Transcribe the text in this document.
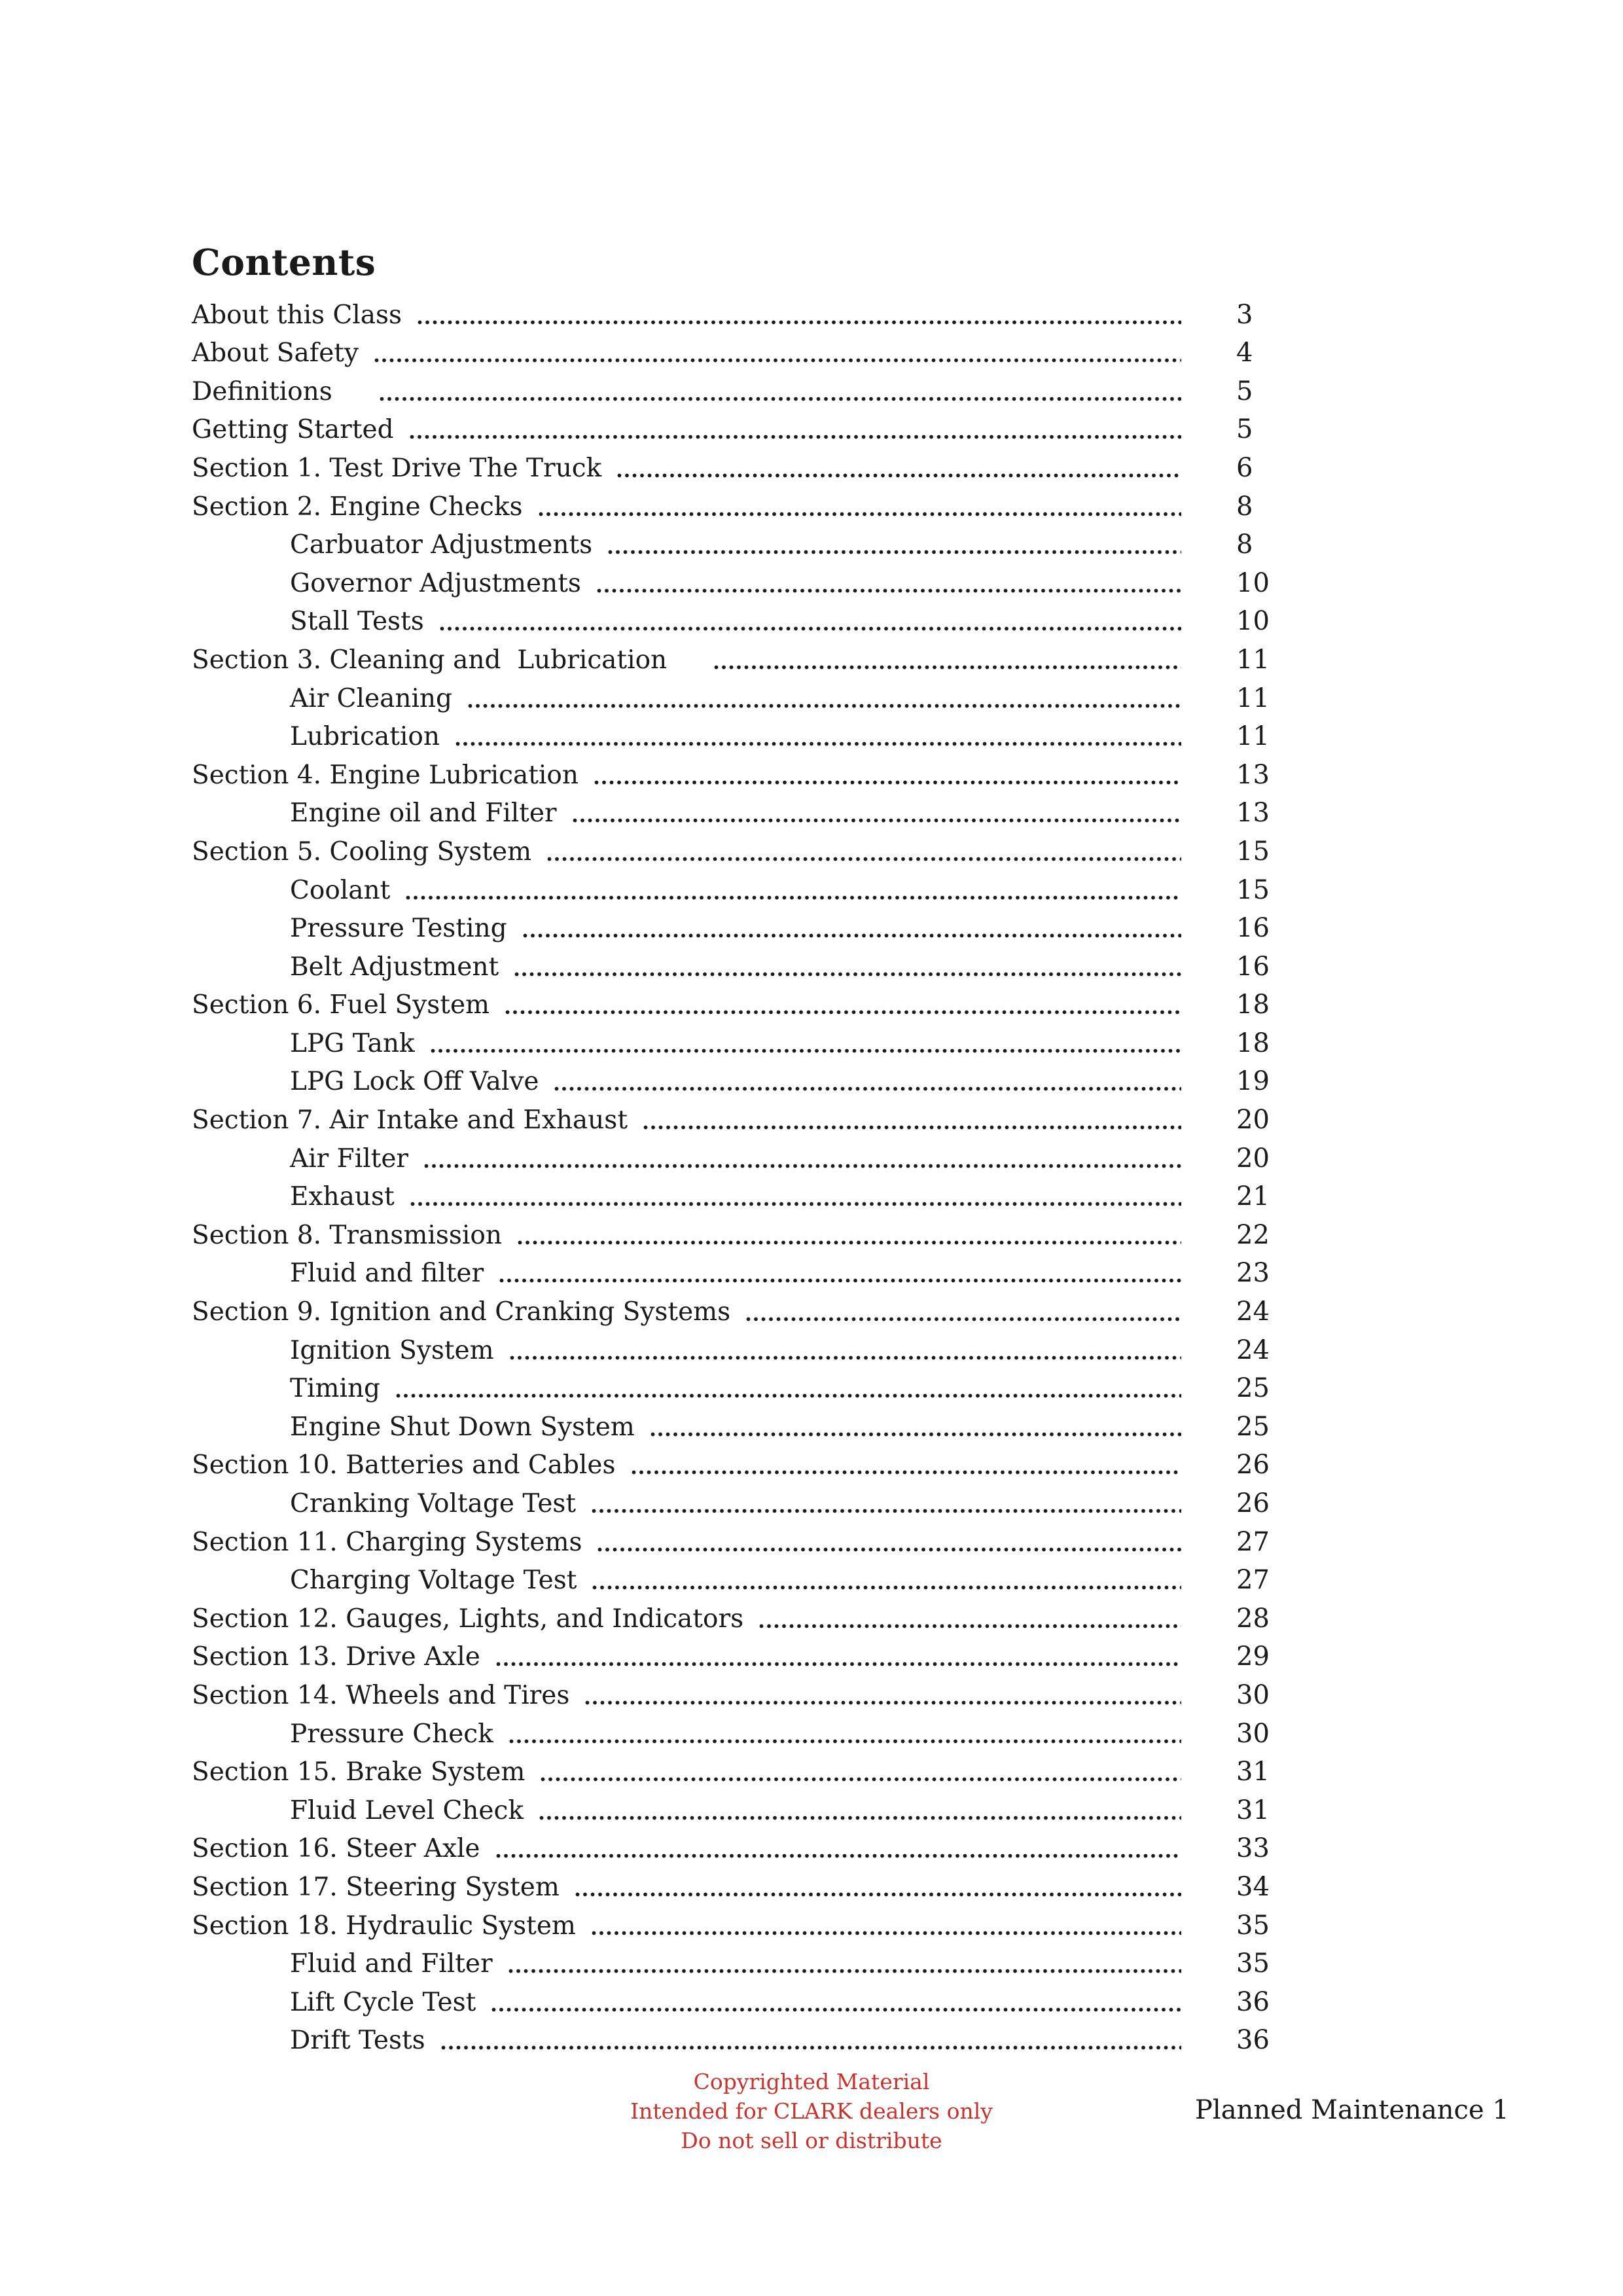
Contents
About this Class	3
About Safety	4
Definitions	5
Getting Started	5
Section 1. Test Drive The Truck	6
Section 2. Engine Checks	8
Carbuator Adjustments	8
Governor Adjustments	10
Stall Tests	10
Section 3. Cleaning and  Lubrication	11
Air Cleaning	11
Lubrication	11
Section 4. Engine Lubrication	13
Engine oil and Filter	13
Section 5. Cooling System	15
Coolant	15
Pressure Testing	16
Belt Adjustment	16
Section 6. Fuel System	18
LPG Tank	18
LPG Lock Off Valve	19
Section 7. Air Intake and Exhaust	20
Air Filter	20
Exhaust	21
Section 8. Transmission	22
Fluid and filter	23
Section 9. Ignition and Cranking Systems	24
Ignition System	24
Timing	25
Engine Shut Down System	25
Section 10. Batteries and Cables	26
Cranking Voltage Test	26
Section 11. Charging Systems	27
Charging Voltage Test	27
Section 12. Gauges, Lights, and Indicators	28
Section 13. Drive Axle	29
Section 14. Wheels and Tires	30
Pressure Check	30
Section 15. Brake System	31
Fluid Level Check	31
Section 16. Steer Axle	33
Section 17. Steering System	34
Section 18. Hydraulic System	35
Fluid and Filter	35
Lift Cycle Test	36
Drift Tests	36
Copyrighted Material
Intended for CLARK dealers only
Do not sell or distribute
Planned Maintenance 1
